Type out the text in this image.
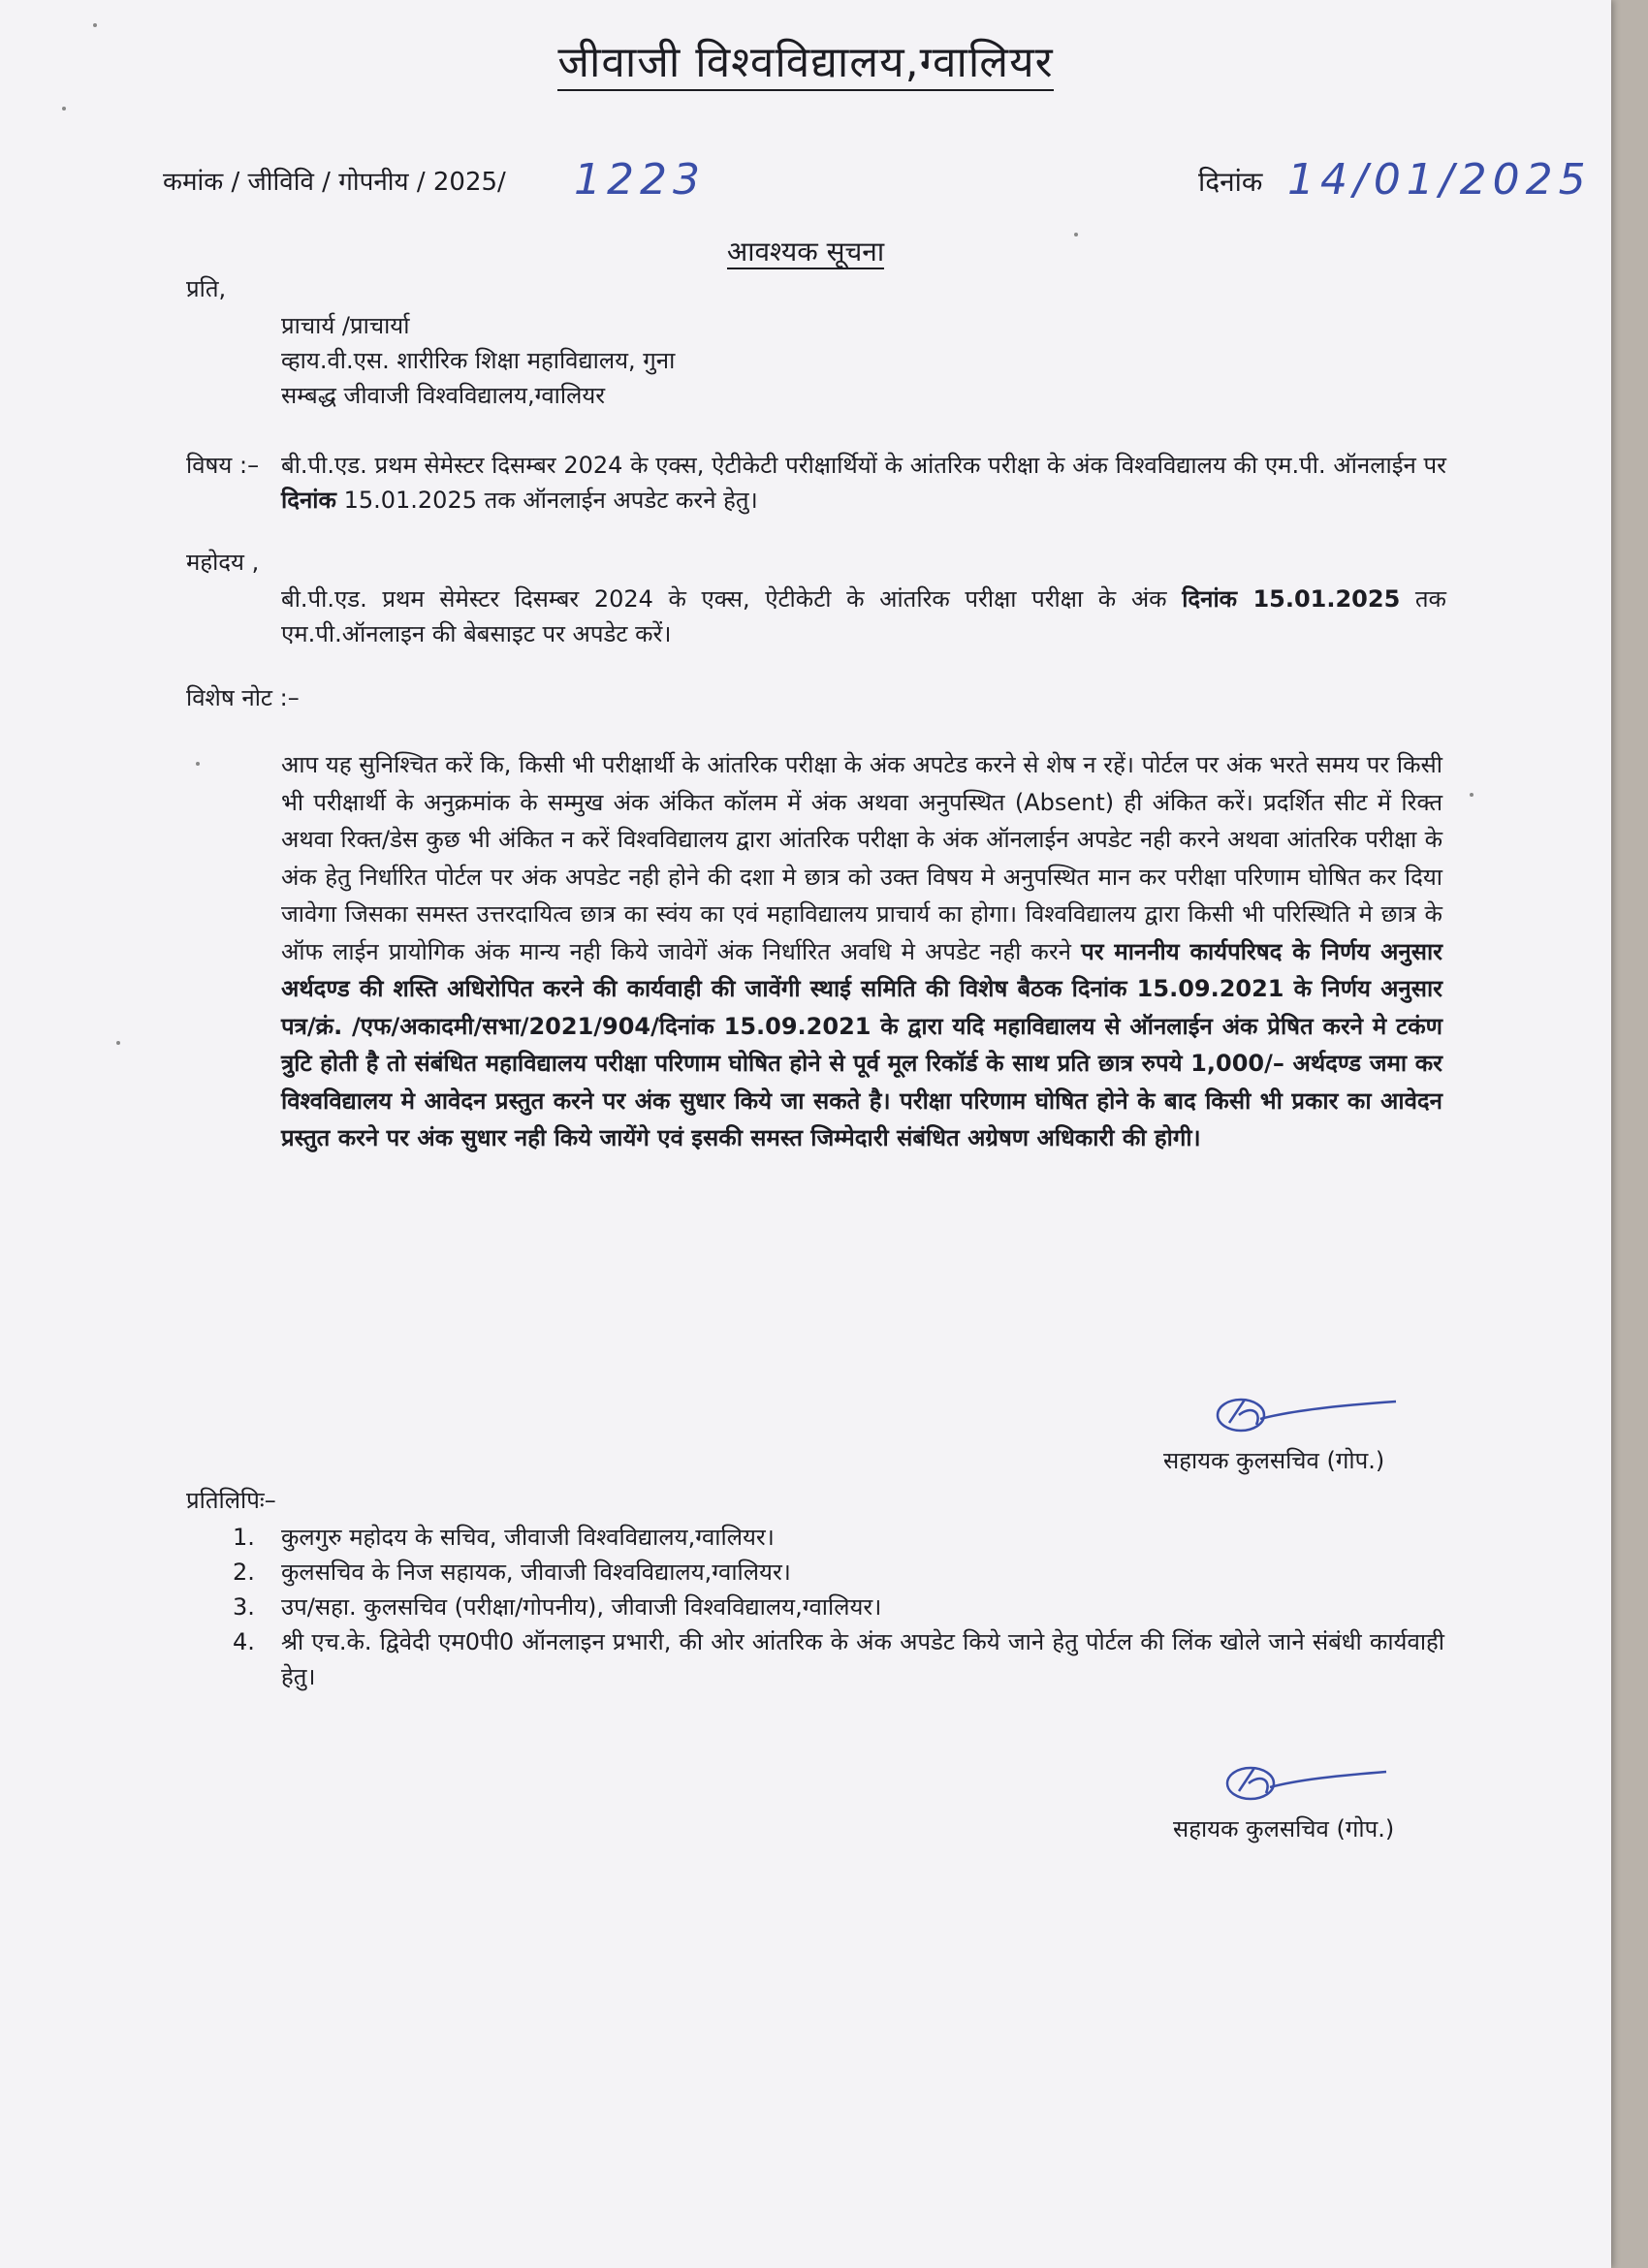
जीवाजी विश्वविद्यालय,ग्वालियर
कमांक / जीविवि / गोपनीय / 2025/ 1223	दिनांक 14/01/2025
आवश्यक सूचना
प्रति,
प्राचार्य /प्राचार्या
व्हाय.वी.एस. शारीरिक शिक्षा महाविद्यालय, गुना
सम्बद्ध जीवाजी विश्वविद्यालय,ग्वालियर
विषय :– बी.पी.एड. प्रथम सेमेस्टर दिसम्बर 2024 के एक्स, ऐटीकेटी परीक्षार्थियों के आंतरिक परीक्षा के अंक विश्वविद्यालय की एम.पी. ऑनलाईन पर दिनांक 15.01.2025 तक ऑनलाईन अपडेट करने हेतु।
महोदय ,
बी.पी.एड. प्रथम सेमेस्टर दिसम्बर 2024 के एक्स, ऐटीकेटी के आंतरिक परीक्षा परीक्षा के अंक दिनांक 15.01.2025 तक एम.पी.ऑनलाइन की बेबसाइट पर अपडेट करें।
विशेष नोट :–
आप यह सुनिश्चित करें कि, किसी भी परीक्षार्थी के आंतरिक परीक्षा के अंक अपटेड करने से शेष न रहें। पोर्टल पर अंक भरते समय पर किसी भी परीक्षार्थी के अनुक्रमांक के सम्मुख अंक अंकित कॉलम में अंक अथवा अनुपस्थित (Absent) ही अंकित करें। प्रदर्शित सीट में रिक्त अथवा रिक्त/डेस कुछ भी अंकित न करें विश्वविद्यालय द्वारा आंतरिक परीक्षा के अंक ऑनलाईन अपडेट नही करने अथवा आंतरिक परीक्षा के अंक हेतु निर्धारित पोर्टल पर अंक अपडेट नही होने की दशा मे छात्र को उक्त विषय मे अनुपस्थित मान कर परीक्षा परिणाम घोषित कर दिया जावेगा जिसका समस्त उत्तरदायित्व छात्र का स्वंय का एवं महाविद्यालय प्राचार्य का होगा। विश्वविद्यालय द्वारा किसी भी परिस्थिति मे छात्र के ऑफ लाईन प्रायोगिक अंक मान्य नही किये जावेगें अंक निर्धारित अवधि मे अपडेट नही करने पर माननीय कार्यपरिषद के निर्णय अनुसार अर्थदण्ड की शस्ति अधिरोपित करने की कार्यवाही की जावेंगी स्थाई समिति की विशेष बैठक दिनांक 15.09.2021 के निर्णय अनुसार पत्र/क्रं. /एफ/अकादमी/सभा/2021/904/दिनांक 15.09.2021 के द्वारा यदि महाविद्यालय से ऑनलाईन अंक प्रेषित करने मे टकंण त्रुटि होती है तो संबंधित महाविद्यालय परीक्षा परिणाम घोषित होने से पूर्व मूल रिकॉर्ड के साथ प्रति छात्र रुपये 1,000/– अर्थदण्ड जमा कर विश्वविद्यालय मे आवेदन प्रस्तुत करने पर अंक सुधार किये जा सकते है। परीक्षा परिणाम घोषित होने के बाद किसी भी प्रकार का आवेदन प्रस्तुत करने पर अंक सुधार नही किये जायेंगे एवं इसकी समस्त जिम्मेदारी संबंधित अग्रेषण अधिकारी की होगी।
सहायक कुलसचिव (गोप.)
प्रतिलिपिः–
1. कुलगुरु महोदय के सचिव, जीवाजी विश्वविद्यालय,ग्वालियर।
2. कुलसचिव के निज सहायक, जीवाजी विश्वविद्यालय,ग्वालियर।
3. उप/सहा. कुलसचिव (परीक्षा/गोपनीय), जीवाजी विश्वविद्यालय,ग्वालियर।
4. श्री एच.के. द्विवेदी एम0पी0 ऑनलाइन प्रभारी, की ओर आंतरिक के अंक अपडेट किये जाने हेतु पोर्टल की लिंक खोले जाने संबंधी कार्यवाही हेतु।
सहायक कुलसचिव (गोप.)
